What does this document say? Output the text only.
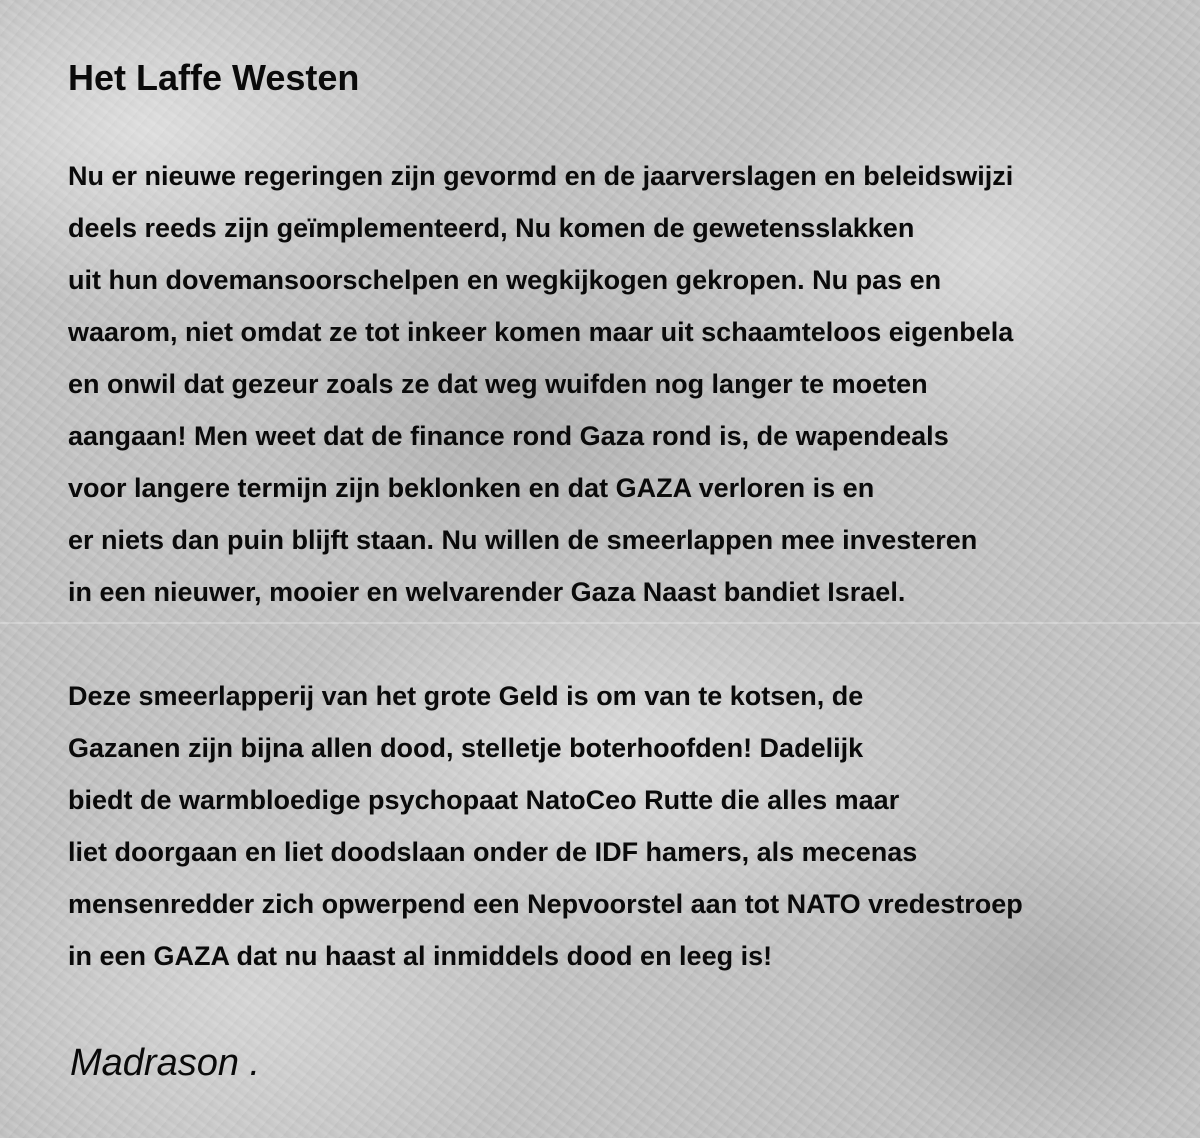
Het Laffe Westen
Nu er nieuwe regeringen zijn gevormd en de jaarverslagen en beleidswijzi
deels reeds zijn geïmplementeerd, Nu komen de gewetensslakken
uit hun dovemansoorschelpen en wegkijkogen gekropen. Nu pas en
waarom, niet omdat ze tot inkeer komen maar uit schaamteloos eigenbela
en onwil dat gezeur zoals ze dat weg wuifden nog langer te moeten
aangaan! Men weet dat de finance rond Gaza rond is, de wapendeals
voor langere termijn zijn beklonken en dat GAZA verloren is en
er niets dan puin blijft staan. Nu willen de smeerlappen mee investeren
in een nieuwer, mooier en welvarender Gaza Naast bandiet Israel.
Deze smeerlapperij van het grote Geld is om van te kotsen, de
Gazanen zijn bijna allen dood, stelletje boterhoofden! Dadelijk
biedt de warmbloedige psychopaat NatoCeo Rutte die alles maar
liet doorgaan en liet doodslaan onder de IDF hamers, als mecenas
mensenredder zich opwerpend een Nepvoorstel aan tot NATO vredestroep
in een GAZA dat nu haast al inmiddels dood en leeg is!

Madrason .
